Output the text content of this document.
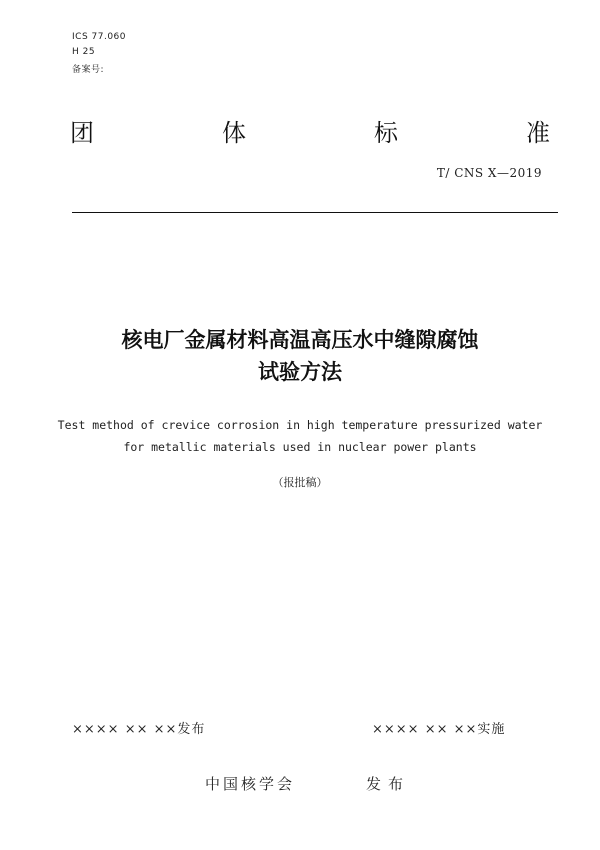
ICS 77.060
H 25
备案号:
团	体	标	准
T/ CNS X—2019
核电厂金属材料高温高压水中缝隙腐蚀
试验方法
Test method of crevice corrosion in high temperature pressurized water
for metallic materials used in nuclear power plants
（报批稿）
×××× ×× ××发布	×××× ×× ××实施
中国核学会	发布
